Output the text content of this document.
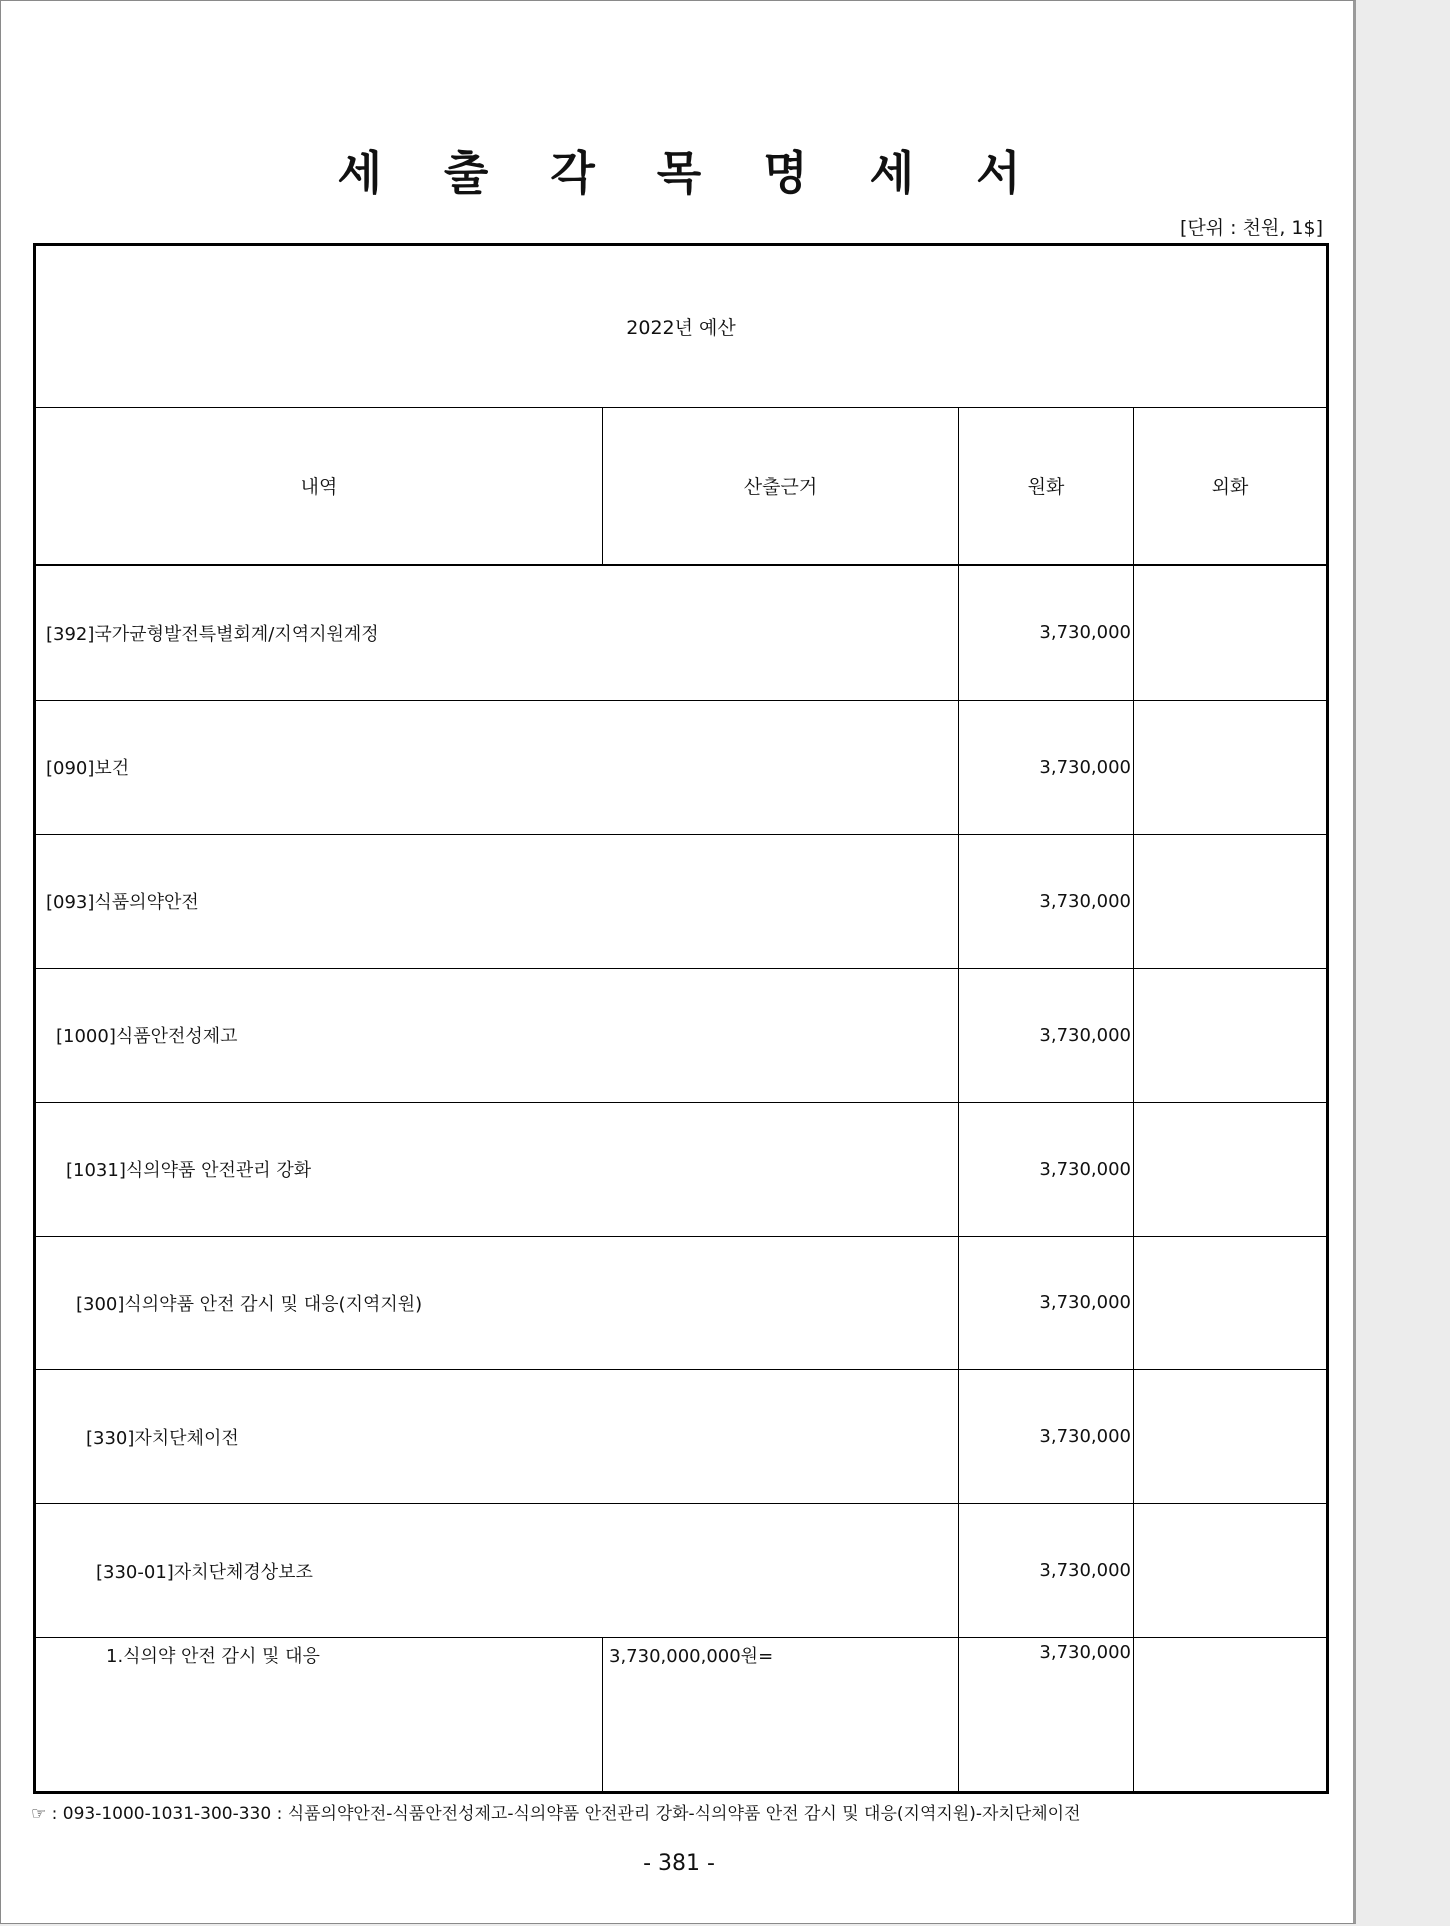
세출각목명세서
[단위 : 천원, 1$]
2022년 예산			
내역	산출근거	원화	외화
[392]국가균형발전특별회계/지역지원계정		3,730,000	
[090]보건		3,730,000	
[093]식품의약안전		3,730,000	
[1000]식품안전성제고		3,730,000	
[1031]식의약품 안전관리 강화		3,730,000	
[300]식의약품 안전 감시 및 대응(지역지원)		3,730,000	
[330]자치단체이전		3,730,000	
[330-01]자치단체경상보조		3,730,000	
1.식의약 안전 감시 및 대응	3,730,000,000원=	3,730,000	
☞ : 093-1000-1031-300-330 : 식품의약안전-식품안전성제고-식의약품 안전관리 강화-식의약품 안전 감시 및 대응(지역지원)-자치단체이전
- 381 -
